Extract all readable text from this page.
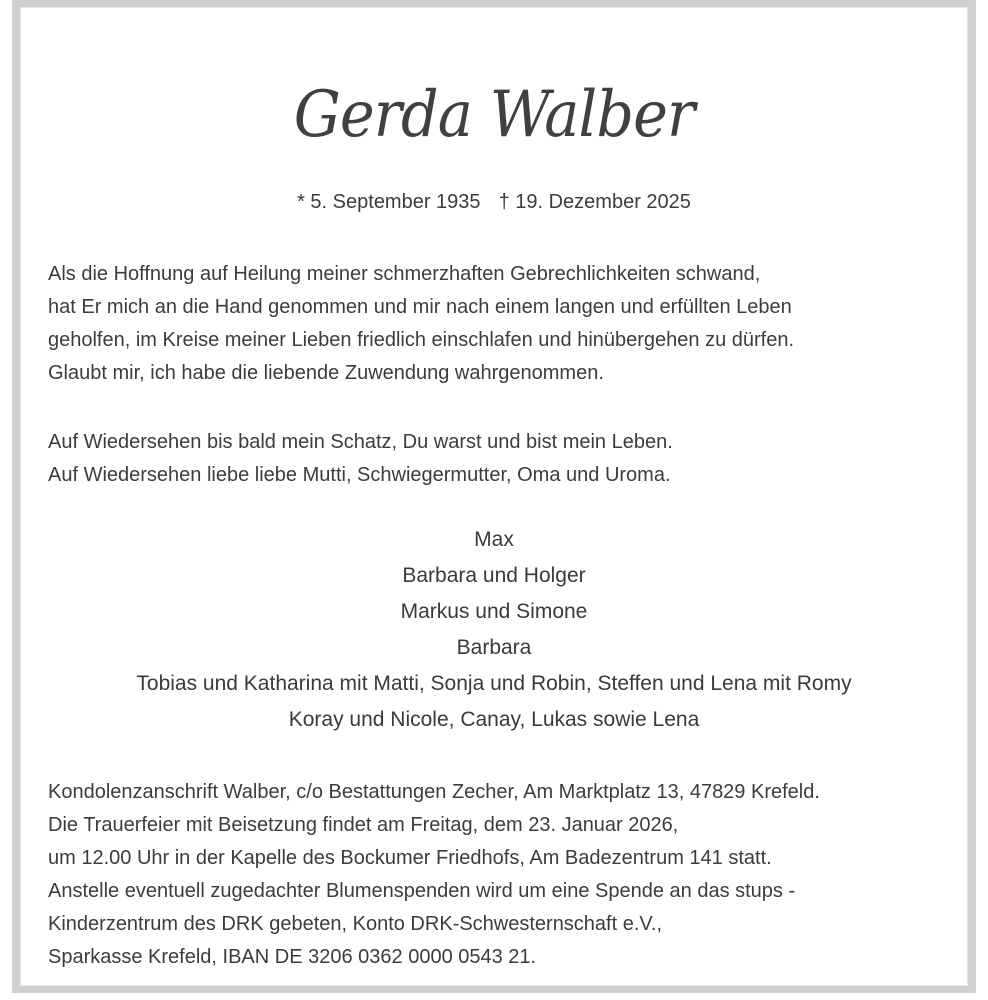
Gerda Walber
* 5. September 1935 † 19. Dezember 2025
Als die Hoffnung auf Heilung meiner schmerzhaften Gebrechlichkeiten schwand,
hat Er mich an die Hand genommen und mir nach einem langen und erfüllten Leben
geholfen, im Kreise meiner Lieben friedlich einschlafen und hinübergehen zu dürfen.
Glaubt mir, ich habe die liebende Zuwendung wahrgenommen.
Auf Wiedersehen bis bald mein Schatz, Du warst und bist mein Leben.
Auf Wiedersehen liebe liebe Mutti, Schwiegermutter, Oma und Uroma.
Max
Barbara und Holger
Markus und Simone
Barbara
Tobias und Katharina mit Matti, Sonja und Robin, Steffen und Lena mit Romy
Koray und Nicole, Canay, Lukas sowie Lena
Kondolenzanschrift Walber, c/o Bestattungen Zecher, Am Marktplatz 13, 47829 Krefeld.
Die Trauerfeier mit Beisetzung findet am Freitag, dem 23. Januar 2026,
um 12.00 Uhr in der Kapelle des Bockumer Friedhofs, Am Badezentrum 141 statt.
Anstelle eventuell zugedachter Blumenspenden wird um eine Spende an das stups -
Kinderzentrum des DRK gebeten, Konto DRK-Schwesternschaft e.V.,
Sparkasse Krefeld, IBAN DE 3206 0362 0000 0543 21.
